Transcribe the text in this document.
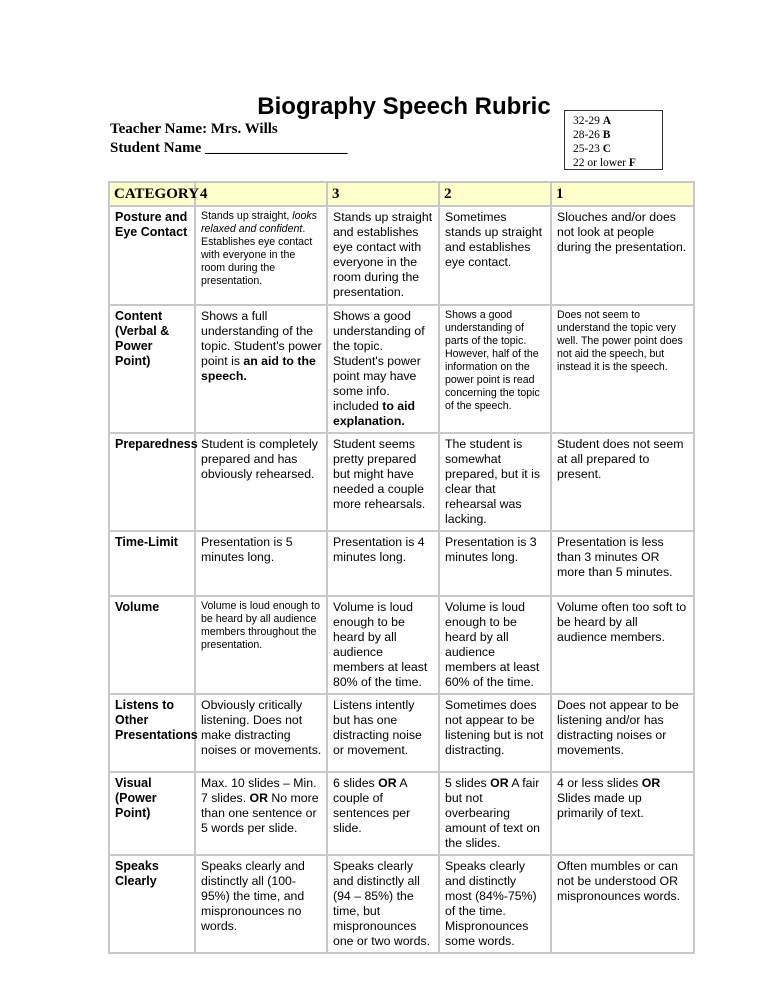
Biography Speech Rubric
Teacher Name: Mrs. Wills
Student Name ___________________
32-29 A
28-26 B
25-23 C
22 or lower F
CATEGORY	4	3	2	1
Posture and Eye Contact	Stands up straight, looks relaxed and confident. Establishes eye contact with everyone in the room during the presentation.	Stands up straight and establishes eye contact with everyone in the room during the presentation.	Sometimes stands up straight and establishes eye contact.	Slouches and/or does not look at people during the presentation.
Content (Verbal & Power Point)	Shows a full understanding of the topic. Student's power point is an aid to the speech.	Shows a good understanding of the topic. Student's power point may have some info. included to aid explanation.	Shows a good understanding of parts of the topic. However, half of the information on the power point is read concerning the topic of the speech.	Does not seem to understand the topic very well. The power point does not aid the speech, but instead it is the speech.
Preparedness	Student is completely prepared and has obviously rehearsed.	Student seems pretty prepared but might have needed a couple more rehearsals.	The student is somewhat prepared, but it is clear that rehearsal was lacking.	Student does not seem at all prepared to present.
Time-Limit	Presentation is 5 minutes long.	Presentation is 4 minutes long.	Presentation is 3 minutes long.	Presentation is less than 3 minutes OR more than 5 minutes.
Volume	Volume is loud enough to be heard by all audience members throughout the presentation.	Volume is loud enough to be heard by all audience members at least 80% of the time.	Volume is loud enough to be heard by all audience members at least 60% of the time.	Volume often too soft to be heard by all audience members.
Listens to Other Presentations	Obviously critically listening. Does not make distracting noises or movements.	Listens intently but has one distracting noise or movement.	Sometimes does not appear to be listening but is not distracting.	Does not appear to be listening and/or has distracting noises or movements.
Visual (Power Point)	Max. 10 slides – Min. 7 slides. OR No more than one sentence or 5 words per slide.	6 slides OR A couple of sentences per slide.	5 slides OR A fair but not overbearing amount of text on the slides.	4 or less slides OR Slides made up primarily of text.
Speaks Clearly	Speaks clearly and distinctly all (100-95%) the time, and mispronounces no words.	Speaks clearly and distinctly all (94 – 85%) the time, but mispronounces one or two words.	Speaks clearly and distinctly most (84%-75%) of the time. Mispronounces some words.	Often mumbles or can not be understood OR mispronounces words.
